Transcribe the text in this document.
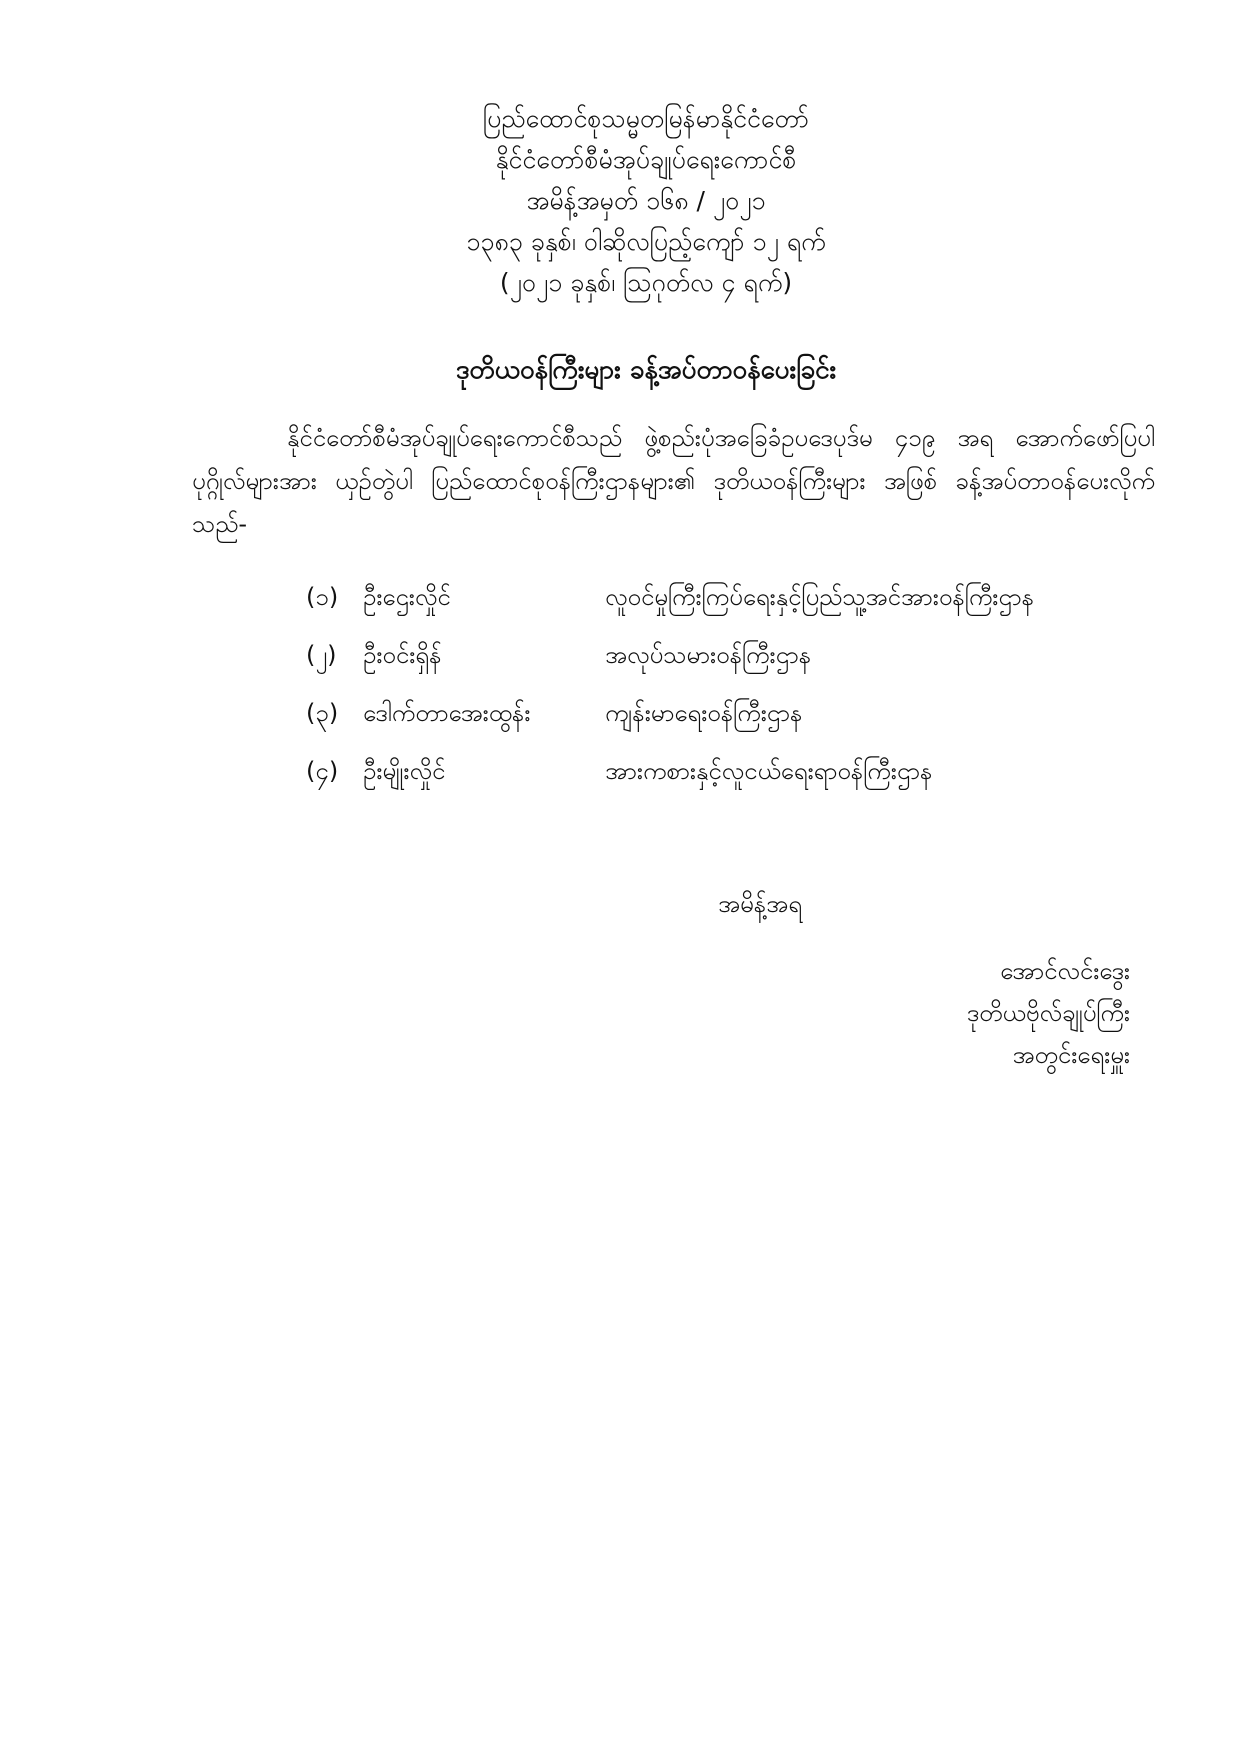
ပြည်ထောင်စုသမ္မတမြန်မာနိုင်ငံတော်
နိုင်ငံတော်စီမံအုပ်ချုပ်ရေးကောင်စီ
အမိန့်အမှတ် ၁၆၈ / ၂၀၂၁
၁၃၈၃ ခုနှစ်၊ ဝါဆိုလပြည့်ကျော် ၁၂ ရက်
(၂၀၂၁ ခုနှစ်၊ ဩဂုတ်လ ၄ ရက်)
ဒုတိယဝန်ကြီးများ ခန့်အပ်တာဝန်ပေးခြင်း
နိုင်ငံတော်စီမံအုပ်ချုပ်ရေးကောင်စီသည် ဖွဲ့စည်းပုံအခြေခံဥပဒေပုဒ်မ ၄၁၉ အရ အောက်ဖော်ပြပါ ပုဂ္ဂိုလ်များအား ယှဉ်တွဲပါ ပြည်ထောင်စုဝန်ကြီးဌာနများ၏ ဒုတိယဝန်ကြီးများ အဖြစ် ခန့်အပ်တာဝန်ပေးလိုက်သည်-
(၁) ဦးဌေးလှိုင်	လူဝင်မှုကြီးကြပ်ရေးနှင့်ပြည်သူ့အင်အားဝန်ကြီးဌာန
(၂) ဦးဝင်းရှိန်	အလုပ်သမားဝန်ကြီးဌာန
(၃) ဒေါက်တာအေးထွန်း	ကျန်းမာရေးဝန်ကြီးဌာန
(၄) ဦးမျိုးလှိုင်	အားကစားနှင့်လူငယ်ရေးရာဝန်ကြီးဌာန
အမိန့်အရ
အောင်လင်းဒွေး
ဒုတိယဗိုလ်ချုပ်ကြီး
အတွင်းရေးမှူး
